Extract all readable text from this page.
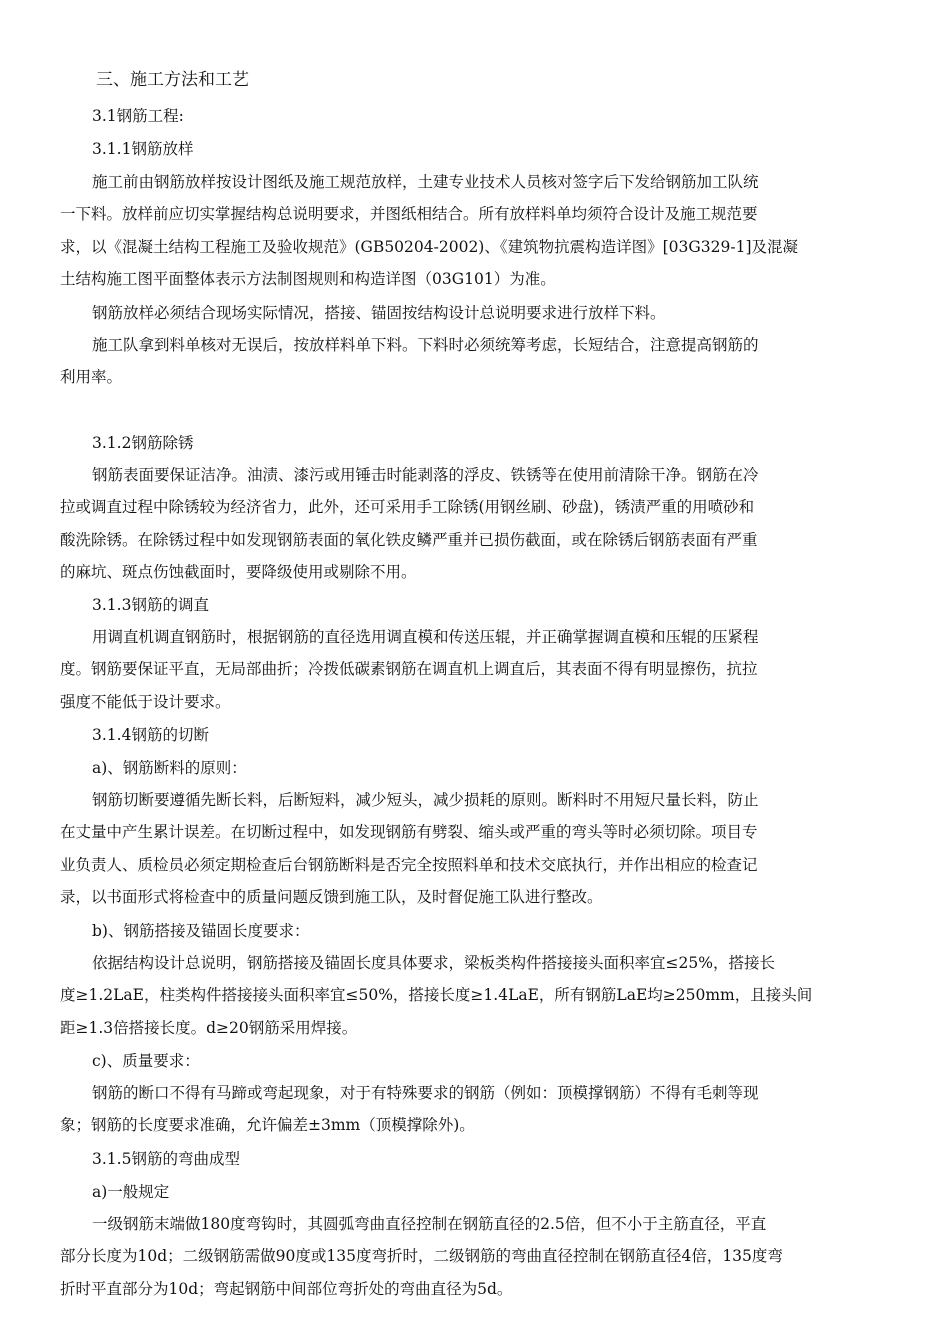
三、施工方法和工艺
3.1钢筋工程:
3.1.1钢筋放样
施工前由钢筋放样按设计图纸及施工规范放样，土建专业技术人员核对签字后下发给钢筋加工队统
一下料。放样前应切实掌握结构总说明要求，并图纸相结合。所有放样料单均须符合设计及施工规范要
求，以《混凝土结构工程施工及验收规范》(GB50204-2002)、《建筑物抗震构造详图》[03G329-1]及混凝
土结构施工图平面整体表示方法制图规则和构造详图（03G101）为准。
钢筋放样必须结合现场实际情况，搭接、锚固按结构设计总说明要求进行放样下料。
施工队拿到料单核对无误后，按放样料单下料。下料时必须统筹考虑，长短结合，注意提高钢筋的
利用率。
3.1.2钢筋除锈
钢筋表面要保证洁净。油渍、漆污或用锤击时能剥落的浮皮、铁锈等在使用前清除干净。钢筋在冷
拉或调直过程中除锈较为经济省力，此外，还可采用手工除锈(用钢丝刷、砂盘)，锈渍严重的用喷砂和
酸洗除锈。在除锈过程中如发现钢筋表面的氧化铁皮鳞严重并已损伤截面，或在除锈后钢筋表面有严重
的麻坑、斑点伤蚀截面时，要降级使用或剔除不用。
3.1.3钢筋的调直
用调直机调直钢筋时，根据钢筋的直径选用调直模和传送压辊，并正确掌握调直模和压辊的压紧程
度。钢筋要保证平直，无局部曲折；冷拨低碳素钢筋在调直机上调直后，其表面不得有明显擦伤，抗拉
强度不能低于设计要求。
3.1.4钢筋的切断
a)、钢筋断料的原则：
钢筋切断要遵循先断长料，后断短料，减少短头，减少损耗的原则。断料时不用短尺量长料，防止
在丈量中产生累计误差。在切断过程中，如发现钢筋有劈裂、缩头或严重的弯头等时必须切除。项目专
业负责人、质检员必须定期检查后台钢筋断料是否完全按照料单和技术交底执行，并作出相应的检查记
录，以书面形式将检查中的质量问题反馈到施工队，及时督促施工队进行整改。
b)、钢筋搭接及锚固长度要求：
依据结构设计总说明，钢筋搭接及锚固长度具体要求，梁板类构件搭接接头面积率宜≤25%，搭接长
度≥1.2LaE，柱类构件搭接接头面积率宜≤50%，搭接长度≥1.4LaE，所有钢筋LaE均≥250mm，且接头间
距≥1.3倍搭接长度。d≥20钢筋采用焊接。
c)、质量要求：
钢筋的断口不得有马蹄或弯起现象，对于有特殊要求的钢筋（例如：顶模撑钢筋）不得有毛刺等现
象；钢筋的长度要求准确，允许偏差±3mm（顶模撑除外)。
3.1.5钢筋的弯曲成型
a)一般规定
一级钢筋末端做180度弯钩时，其圆弧弯曲直径控制在钢筋直径的2.5倍，但不小于主筋直径，平直
部分长度为10d；二级钢筋需做90度或135度弯折时，二级钢筋的弯曲直径控制在钢筋直径4倍，135度弯
折时平直部分为10d；弯起钢筋中间部位弯折处的弯曲直径为5d。
